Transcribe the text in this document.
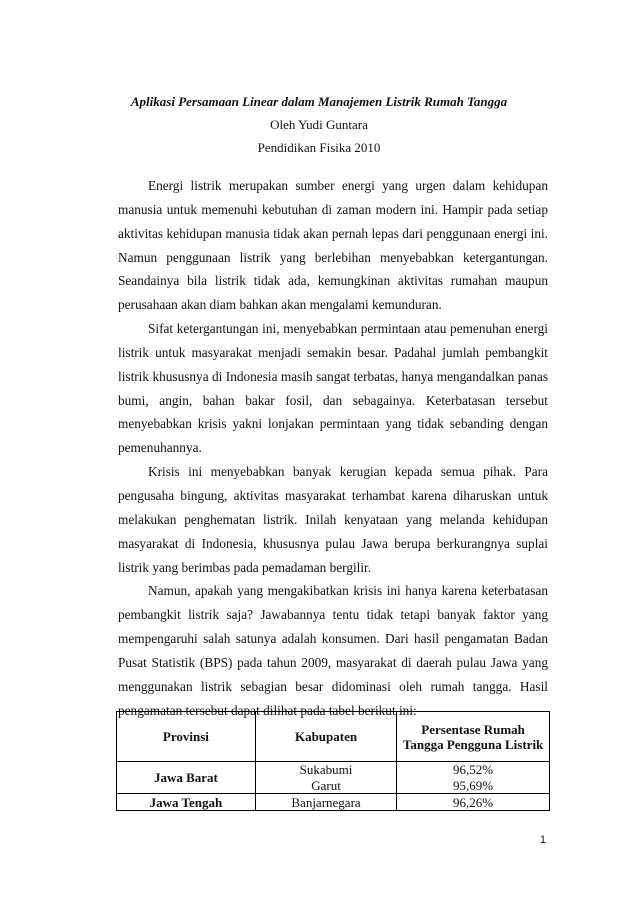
Aplikasi Persamaan Linear dalam Manajemen Listrik Rumah Tangga
Oleh Yudi Guntara
Pendidikan Fisika 2010

Energi listrik merupakan sumber energi yang urgen dalam kehidupan manusia untuk memenuhi kebutuhan di zaman modern ini. Hampir pada setiap aktivitas kehidupan manusia tidak akan pernah lepas dari penggunaan energi ini. Namun penggunaan listrik yang berlebihan menyebabkan ketergantungan. Seandainya bila listrik tidak ada, kemungkinan aktivitas rumahan maupun perusahaan akan diam bahkan akan mengalami kemunduran.

Sifat ketergantungan ini, menyebabkan permintaan atau pemenuhan energi listrik untuk masyarakat menjadi semakin besar. Padahal jumlah pembangkit listrik khususnya di Indonesia masih sangat terbatas, hanya mengandalkan panas bumi, angin, bahan bakar fosil, dan sebagainya. Keterbatasan tersebut menyebabkan krisis yakni lonjakan permintaan yang tidak sebanding dengan pemenuhannya.

Krisis ini menyebabkan banyak kerugian kepada semua pihak. Para pengusaha bingung, aktivitas masyarakat terhambat karena diharuskan untuk melakukan penghematan listrik. Inilah kenyataan yang melanda kehidupan masyarakat di Indonesia, khususnya pulau Jawa berupa berkurangnya suplai listrik yang berimbas pada pemadaman bergilir.

Namun, apakah yang mengakibatkan krisis ini hanya karena keterbatasan pembangkit listrik saja? Jawabannya tentu tidak tetapi banyak faktor yang mempengaruhi salah satunya adalah konsumen. Dari hasil pengamatan Badan Pusat Statistik (BPS) pada tahun 2009, masyarakat di daerah pulau Jawa yang menggunakan listrik sebagian besar didominasi oleh rumah tangga. Hasil pengamatan tersebut dapat dilihat pada tabel berikut ini:

Provinsi	Kabupaten	Persentase Rumah Tangga Pengguna Listrik
Jawa Barat	Sukabumi	96,52%
	Garut	95,69%
Jawa Tengah	Banjarnegara	96,26%
1
